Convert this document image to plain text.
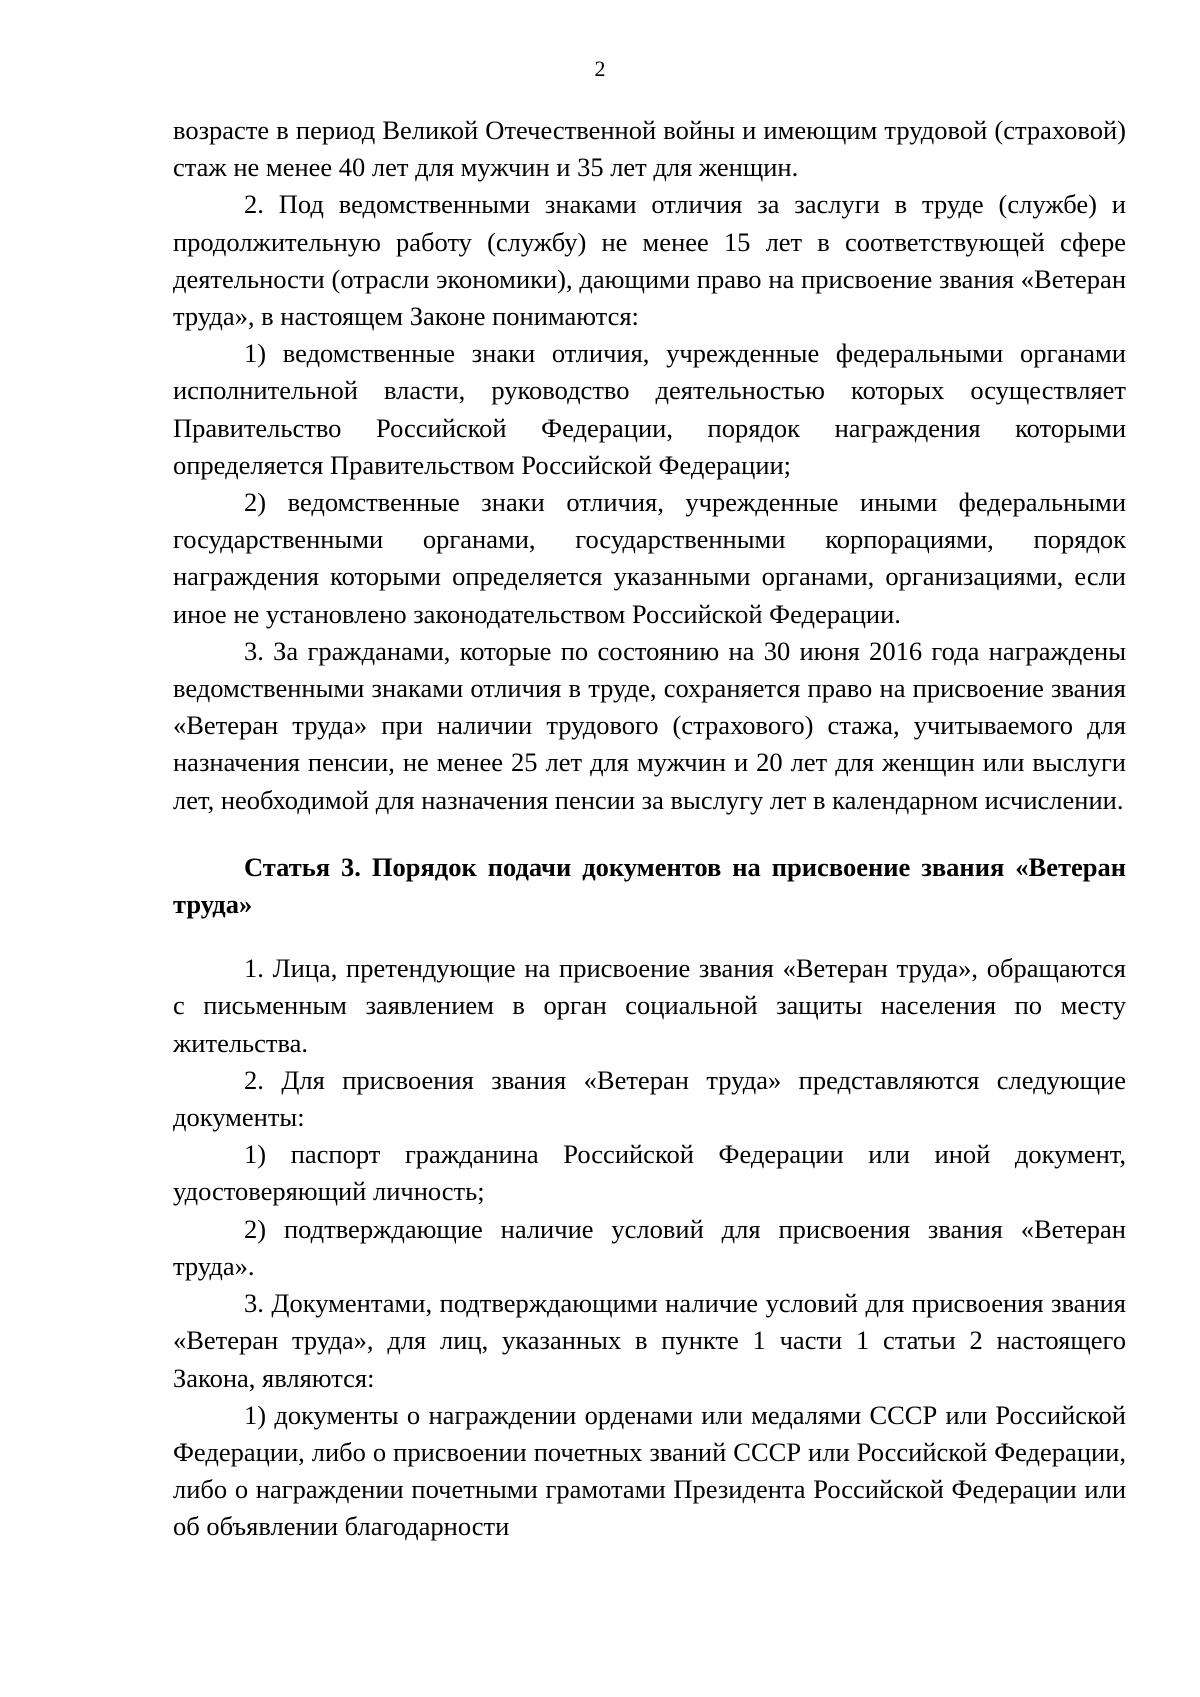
2

возрасте в период Великой Отечественной войны и имеющим трудовой (страховой) стаж не менее 40 лет для мужчин и 35 лет для женщин.

2. Под ведомственными знаками отличия за заслуги в труде (службе) и продолжительную работу (службу) не менее 15 лет в соответствующей сфере деятельности (отрасли экономики), дающими право на присвоение звания «Ветеран труда», в настоящем Законе понимаются:

1) ведомственные знаки отличия, учрежденные федеральными органами исполнительной власти, руководство деятельностью которых осуществляет Правительство Российской Федерации, порядок награждения которыми определяется Правительством Российской Федерации;

2) ведомственные знаки отличия, учрежденные иными федеральными государственными органами, государственными корпорациями, порядок награждения которыми определяется указанными органами, организациями, если иное не установлено законодательством Российской Федерации.

3. За гражданами, которые по состоянию на 30 июня 2016 года награждены ведомственными знаками отличия в труде, сохраняется право на присвоение звания «Ветеран труда» при наличии трудового (страхового) стажа, учитываемого для назначения пенсии, не менее 25 лет для мужчин и 20 лет для женщин или выслуги лет, необходимой для назначения пенсии за выслугу лет в календарном исчислении.

Статья 3. Порядок подачи документов на присвоение звания «Ветеран труда»

1. Лица, претендующие на присвоение звания «Ветеран труда», обращаются с письменным заявлением в орган социальной защиты населения по месту жительства.

2. Для присвоения звания «Ветеран труда» представляются следующие документы:

1) паспорт гражданина Российской Федерации или иной документ, удостоверяющий личность;

2) подтверждающие наличие условий для присвоения звания «Ветеран труда».

3. Документами, подтверждающими наличие условий для присвоения звания «Ветеран труда», для лиц, указанных в пункте 1 части 1 статьи 2 настоящего Закона, являются:

1) документы о награждении орденами или медалями СССР или Российской Федерации, либо о присвоении почетных званий СССР или Российской Федерации, либо о награждении почетными грамотами Президента Российской Федерации или об объявлении благодарности
